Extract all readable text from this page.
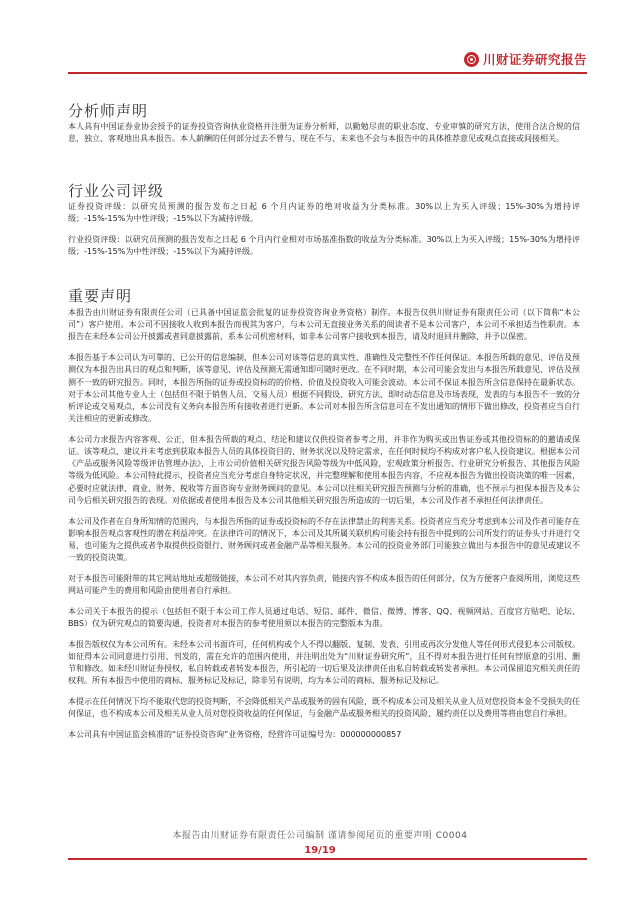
川财证券研究报告
分析师声明

本人具有中国证券业协会授予的证券投资咨询执业资格并注册为证券分析师，以勤勉尽责的职业态度、专业审慎的研究方法，使用合法合规的信息，独立、客观地出具本报告。本人薪酬的任何部分过去不曾与、现在不与、未来也不会与本报告中的具体推荐意见或观点直接或间接相关。

行业公司评级

证券投资评级：以研究员预测的报告发布之日起 6 个月内证券的绝对收益为分类标准。30%以上为买入评级；15%-30%为增持评级；-15%-15%为中性评级；-15%以下为减持评级。

行业投资评级：以研究员预测的报告发布之日起 6 个月内行业相对市场基准指数的收益为分类标准。30%以上为买入评级；15%-30%为增持评级；-15%-15%为中性评级；-15%以下为减持评级。

重要声明

本报告由川财证券有限责任公司（已具备中国证监会批复的证券投资咨询业务资格）制作。本报告仅供川财证券有限责任公司（以下简称“本公司”）客户使用。本公司不因接收人收到本报告而视其为客户，与本公司无直接业务关系的阅读者不是本公司客户，本公司不承担适当性职责。本报告在未经本公司公开披露或者同意披露前，系本公司机密材料，如非本公司客户接收到本报告，请及时退回并删除，并予以保密。

本报告基于本公司认为可靠的、已公开的信息编制，但本公司对该等信息的真实性、准确性及完整性不作任何保证。本报告所载的意见、评估及预测仅为本报告出具日的观点和判断，该等意见、评估及预测无需通知即可随时更改。在不同时期，本公司可能会发出与本报告所载意见、评估及预测不一致的研究报告。同时，本报告所指的证券或投资标的的价格、价值及投资收入可能会波动。本公司不保证本报告所含信息保持在最新状态。对于本公司其他专业人士（包括但不限于销售人员、交易人员）根据不同假设、研究方法、即时动态信息及市场表现，发表的与本报告不一致的分析评论或交易观点，本公司没有义务向本报告所有接收者进行更新。本公司对本报告所含信息可在不发出通知的情形下做出修改，投资者应当自行关注相应的更新或修改。

本公司力求报告内容客观、公正，但本报告所载的观点、结论和建议仅供投资者参考之用，并非作为购买或出售证券或其他投资标的的邀请或保证。该等观点、建议并未考虑到获取本报告人员的具体投资目的、财务状况以及特定需求，在任何时候均不构成对客户私人投资建议。根据本公司《产品或服务风险等级评估管理办法》，上市公司价值相关研究报告风险等级为中低风险，宏观政策分析报告、行业研究分析报告、其他报告风险等级为低风险。本公司特此提示，投资者应当充分考虑自身特定状况，并完整理解和使用本报告内容，不应视本报告为做出投资决策的唯一因素，必要时应就法律、商业、财务、税收等方面咨询专业财务顾问的意见。本公司以往相关研究报告预测与分析的准确，也不预示与担保本报告及本公司今后相关研究报告的表现。对依据或者使用本报告及本公司其他相关研究报告所造成的一切后果，本公司及作者不承担任何法律责任。

本公司及作者在自身所知情的范围内，与本报告所指的证券或投资标的不存在法律禁止的利害关系。投资者应当充分考虑到本公司及作者可能存在影响本报告观点客观性的潜在利益冲突。在法律许可的情况下，本公司及其所属关联机构可能会持有报告中提到的公司所发行的证券头寸并进行交易，也可能为之提供或者争取提供投资银行、财务顾问或者金融产品等相关服务。本公司的投资业务部门可能独立做出与本报告中的意见或建议不一致的投资决策。

对于本报告可能附带的其它网站地址或超级链接，本公司不对其内容负责，链接内容不构成本报告的任何部分，仅为方便客户查阅所用，浏览这些网站可能产生的费用和风险由使用者自行承担。

本公司关于本报告的提示（包括但不限于本公司工作人员通过电话、短信、邮件、微信、微博、博客、QQ、视频网站、百度官方贴吧、论坛、BBS）仅为研究观点的简要沟通，投资者对本报告的参考使用须以本报告的完整版本为准。

本报告版权仅为本公司所有。未经本公司书面许可，任何机构或个人不得以翻版、复制、发表、引用或再次分发他人等任何形式侵犯本公司版权。如征得本公司同意进行引用、刊发的，需在允许的范围内使用，并注明出处为“川财证券研究所”，且不得对本报告进行任何有悖原意的引用、删节和修改。如未经川财证券授权，私自转载或者转发本报告，所引起的一切后果及法律责任由私自转载或转发者承担。本公司保留追究相关责任的权利。所有本报告中使用的商标、服务标记及标记，除非另有说明，均为本公司的商标、服务标记及标记。

本提示在任何情况下均不能取代您的投资判断，不会降低相关产品或服务的固有风险，既不构成本公司及相关从业人员对您投资本金不受损失的任何保证，也不构成本公司及相关从业人员对您投资收益的任何保证，与金融产品或服务相关的投资风险、履约责任以及费用等将由您自行承担。

本公司具有中国证监会核准的“证券投资咨询”业务资格，经营许可证编号为：000000000857

本报告由川财证券有限责任公司编制 谨请参阅尾页的重要声明 C0004
19/19
